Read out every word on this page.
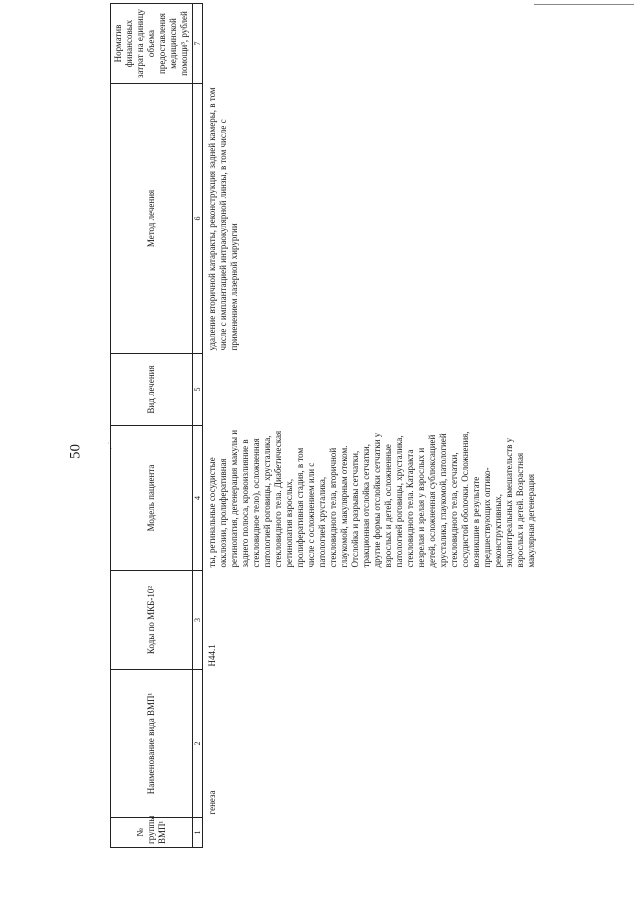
50	˙.
№ группы ВМП¹	Наименование вида ВМП¹	Коды по МКБ-10²	Модель пациента	Вид лечения	Метод лечения	Норматив финансовых затрат на единицу объема предоставления медицинской помощи³, рублей
1	2	3	4	5	6	7
	генеза	H44.1	ты, ретинальные сосудистые окклюзии, пролиферативная ретинопатия, дегенерация макулы и заднего полюса, кровоизлияние в стекловидное тело), осложненная патологией роговицы, хрусталика, стекловидного тела. Диабетическая ретинопатия взрослых, пролиферативная стадия, в том числе с осложнением или с патологией хрусталика, стекловидного тела, вторичной глаукомой, макулярным отеком. Отслойка и разрывы сетчатки, тракционная отслойка сетчатки, другие формы отслойки сетчатки у взрослых и детей, осложненные патологией роговицы, хрусталика, стекловидного тела. Катаракта незрелая и зрелая у взрослых и детей, осложненная сублюксацией хрусталика, глаукомой, патологией стекловидного тела, сетчатки, сосудистой оболочки. Осложнения, возникшие в результате предшествующих оптико-реконструктивных, эндовитреальных вмешательств у взрослых и детей. Возрастная макулярная дегенерация		удаление вторичной катаракты, реконструкция задней камеры, в том числе с имплантацией интраокулярной линзы, в том числе с применением лазерной хирургии	
